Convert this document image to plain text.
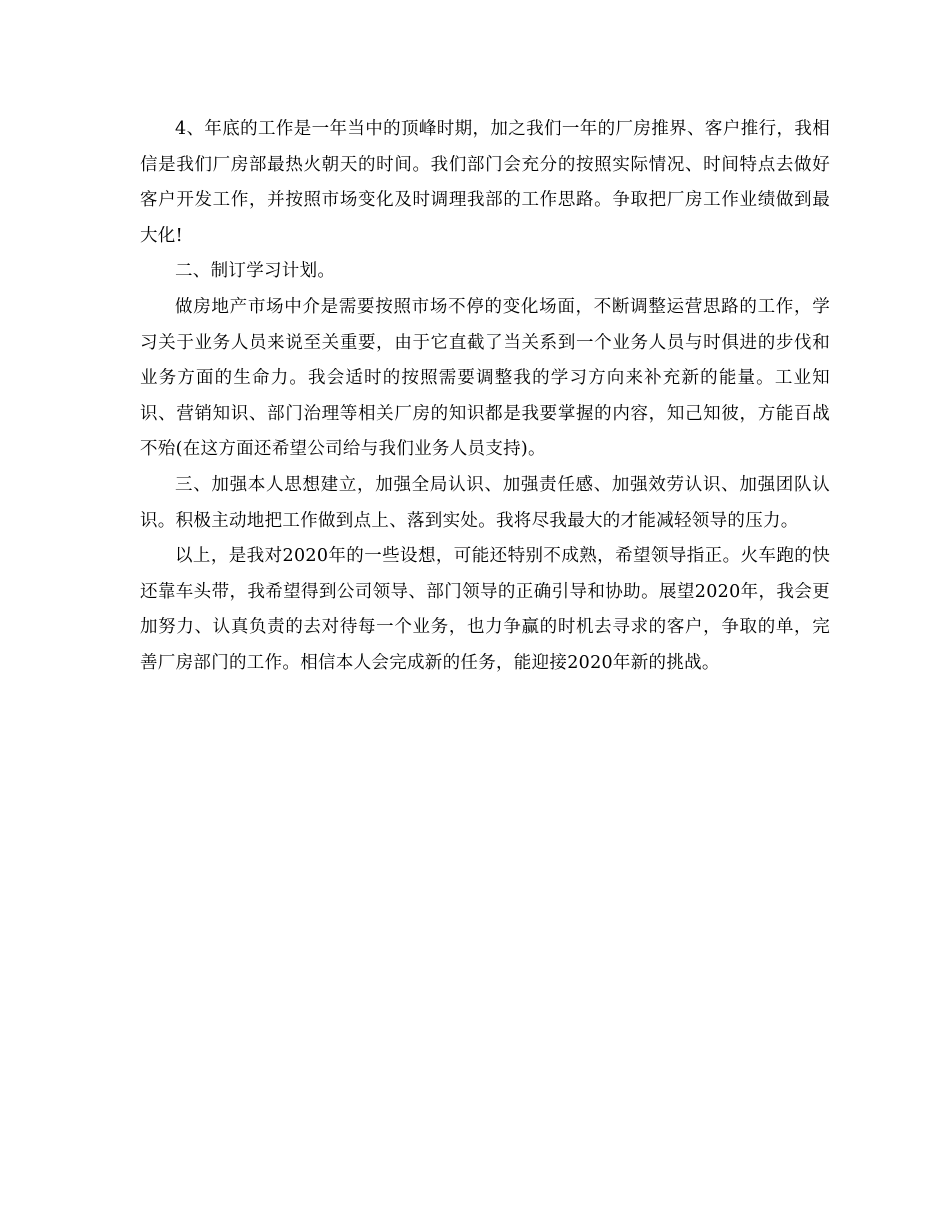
4、年底的工作是一年当中的顶峰时期，加之我们一年的厂房推界、客户推行，我相信是我们厂房部最热火朝天的时间。我们部门会充分的按照实际情况、时间特点去做好客户开发工作，并按照市场变化及时调理我部的工作思路。争取把厂房工作业绩做到最大化!

二、制订学习计划。

做房地产市场中介是需要按照市场不停的变化场面，不断调整运营思路的工作，学习关于业务人员来说至关重要，由于它直截了当关系到一个业务人员与时俱进的步伐和业务方面的生命力。我会适时的按照需要调整我的学习方向来补充新的能量。工业知识、营销知识、部门治理等相关厂房的知识都是我要掌握的内容，知己知彼，方能百战不殆(在这方面还希望公司给与我们业务人员支持)。

三、加强本人思想建立，加强全局认识、加强责任感、加强效劳认识、加强团队认识。积极主动地把工作做到点上、落到实处。我将尽我最大的才能减轻领导的压力。

以上，是我对2020年的一些设想，可能还特别不成熟，希望领导指正。火车跑的快还靠车头带，我希望得到公司领导、部门领导的正确引导和协助。展望2020年，我会更加努力、认真负责的去对待每一个业务，也力争赢的时机去寻求的客户，争取的单，完善厂房部门的工作。相信本人会完成新的任务，能迎接2020年新的挑战。
